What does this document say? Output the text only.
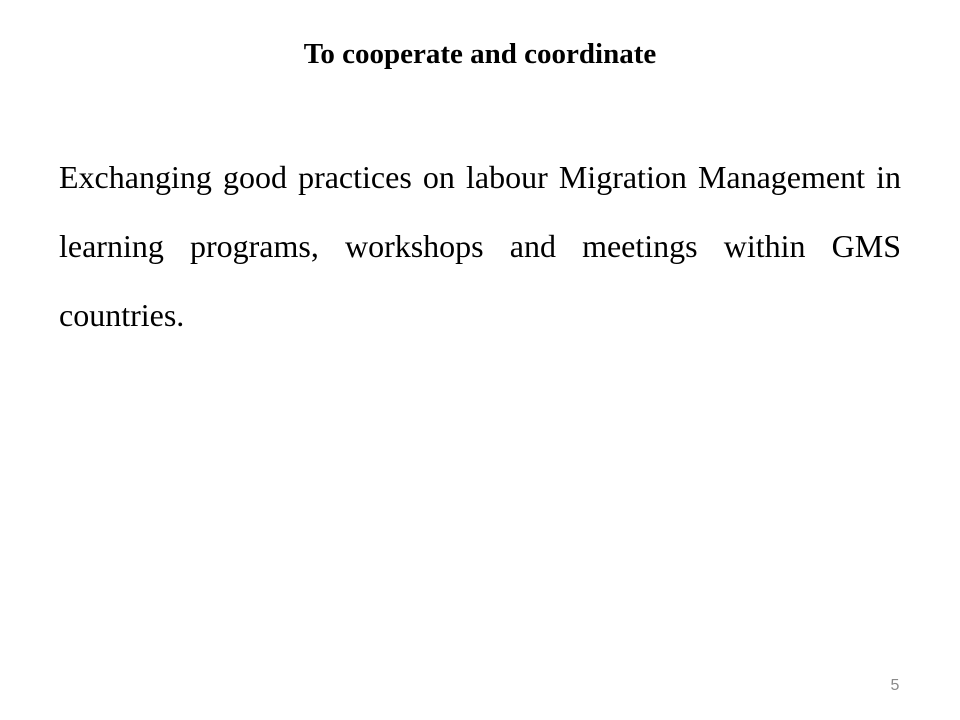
To cooperate and coordinate

Exchanging good practices on labour Migration Management in learning programs, workshops and meetings within GMS countries.

5
